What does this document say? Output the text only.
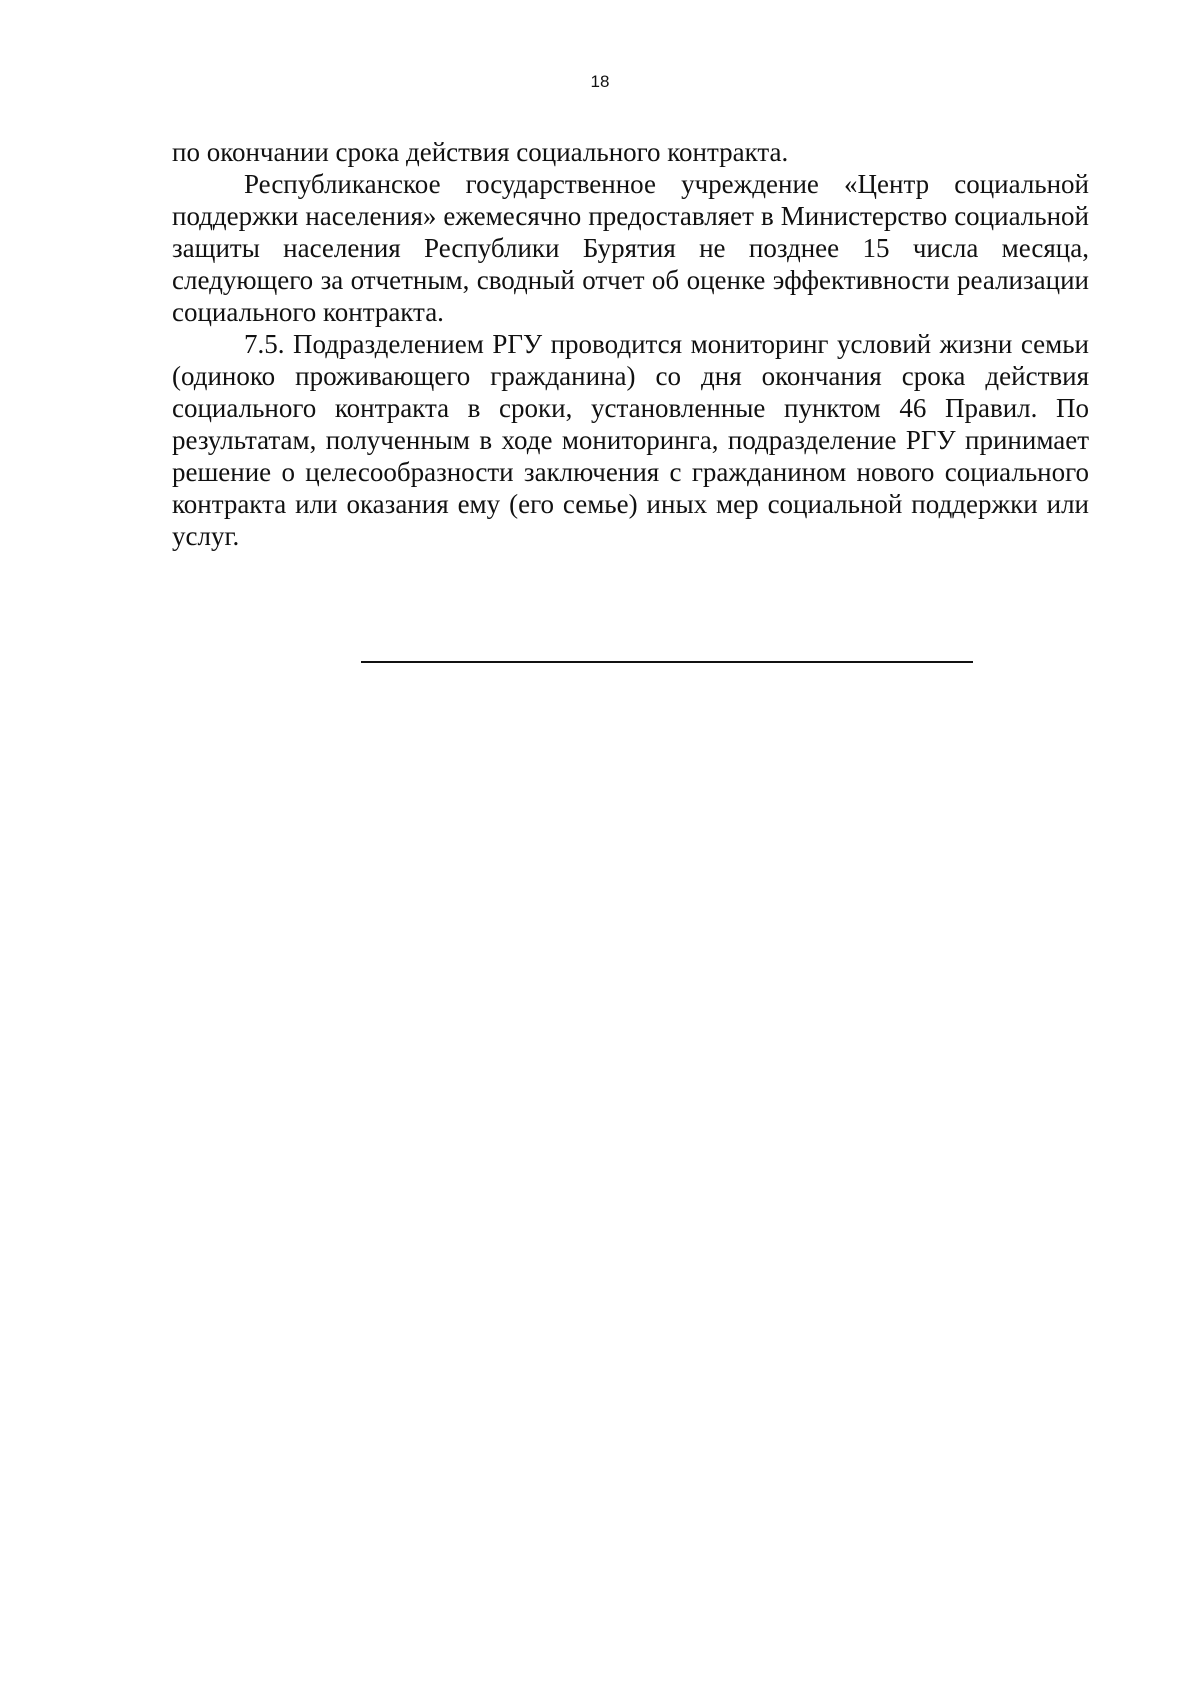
18

по окончании срока действия социального контракта.

Республиканское государственное учреждение «Центр социальной поддержки населения» ежемесячно предоставляет в Министерство социальной защиты населения Республики Бурятия не позднее 15 числа месяца, следующего за отчетным, сводный отчет об оценке эффективности реализации социального контракта.

7.5. Подразделением РГУ проводится мониторинг условий жизни семьи (одиноко проживающего гражданина) со дня окончания срока действия социального контракта в сроки, установленные пунктом 46 Правил. По результатам, полученным в ходе мониторинга, подразделение РГУ принимает решение о целесообразности заключения с гражданином нового социального контракта или оказания ему (его семье) иных мер социальной поддержки или услуг.
